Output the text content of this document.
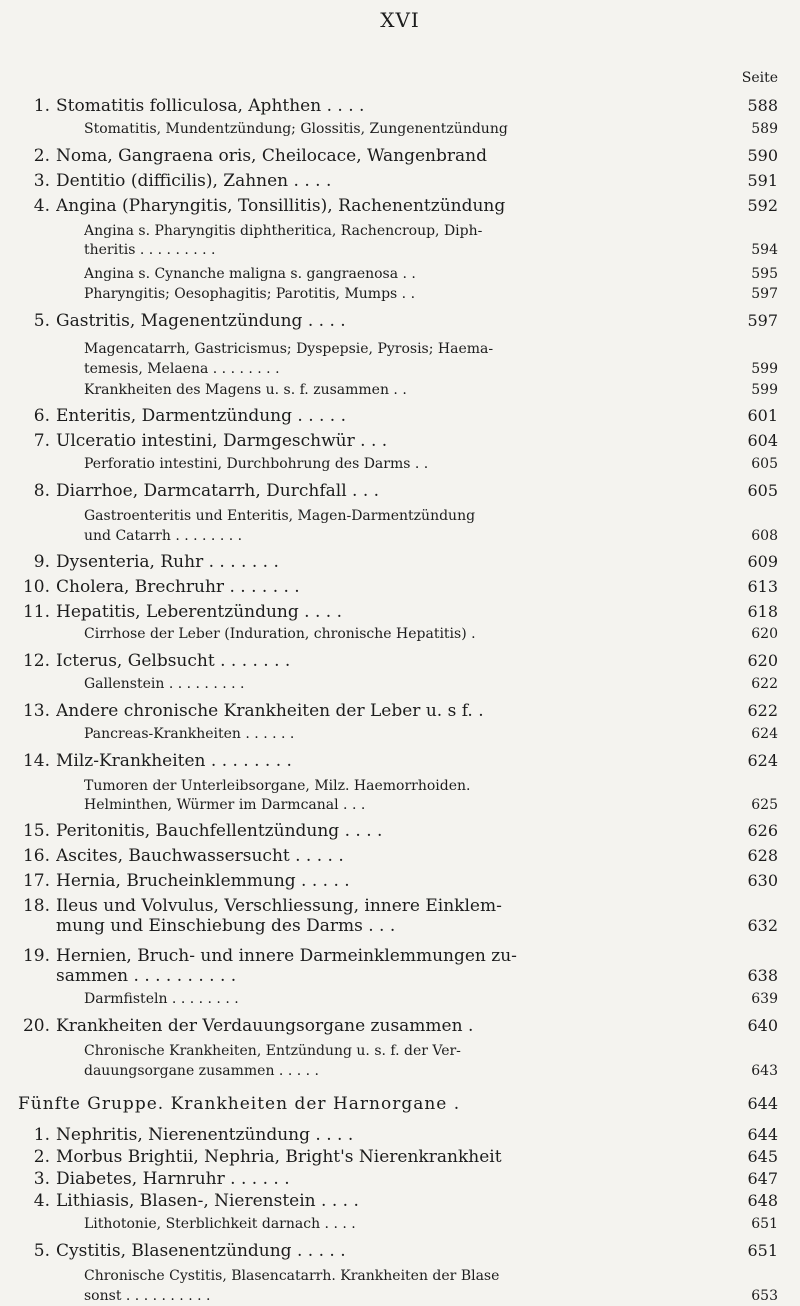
XVI
Seite
1. Stomatitis folliculosa, Aphthen . . . .	588
Stomatitis, Mundentzündung; Glossitis, Zungenentzündung	589
2. Noma, Gangraena oris, Cheilocace, Wangenbrand	590
3. Dentitio (difficilis), Zahnen . . . .	591
4. Angina (Pharyngitis, Tonsillitis), Rachenentzündung	592
Angina s. Pharyngitis diphtheritica, Rachencroup, Diph-
theritis . . . . . . . . .	594
Angina s. Cynanche maligna s. gangraenosa . .	595
Pharyngitis; Oesophagitis; Parotitis, Mumps . .	597
5. Gastritis, Magenentzündung . . . .	597
Magencatarrh, Gastricismus; Dyspepsie, Pyrosis; Haema-
temesis, Melaena . . . . . . . .	599
Krankheiten des Magens u. s. f. zusammen . .	599
6. Enteritis, Darmentzündung . . . . .	601
7. Ulceratio intestini, Darmgeschwür . . .	604
Perforatio intestini, Durchbohrung des Darms . .	605
8. Diarrhoe, Darmcatarrh, Durchfall . . .	605
Gastroenteritis und Enteritis, Magen-Darmentzündung
und Catarrh . . . . . . . .	608
9. Dysenteria, Ruhr . . . . . . .	609
10. Cholera, Brechruhr . . . . . . .	613
11. Hepatitis, Leberentzündung . . . .	618
Cirrhose der Leber (Induration, chronische Hepatitis) .	620
12. Icterus, Gelbsucht . . . . . . .	620
Gallenstein . . . . . . . . .	622
13. Andere chronische Krankheiten der Leber u. s f. .	622
Pancreas-Krankheiten . . . . . .	624
14. Milz-Krankheiten . . . . . . . .	624
Tumoren der Unterleibsorgane, Milz. Haemorrhoiden.
Helminthen, Würmer im Darmcanal . . .	625
15. Peritonitis, Bauchfellentzündung . . . .	626
16. Ascites, Bauchwassersucht . . . . .	628
17. Hernia, Brucheinklemmung . . . . .	630
18. Ileus und Volvulus, Verschliessung, innere Einklem-
mung und Einschiebung des Darms . . .	632
19. Hernien, Bruch- und innere Darmeinklemmungen zu-
sammen . . . . . . . . . .	638
Darmfisteln . . . . . . . .	639
20. Krankheiten der Verdauungsorgane zusammen .	640
Chronische Krankheiten, Entzündung u. s. f. der Ver-
dauungsorgane zusammen . . . . .	643
Fünfte Gruppe. Krankheiten der Harnorgane .	644
1. Nephritis, Nierenentzündung . . . .	644
2. Morbus Brightii, Nephria, Bright's Nierenkrankheit	645
3. Diabetes, Harnruhr . . . . . .	647
4. Lithiasis, Blasen-, Nierenstein . . . .	648
Lithotonie, Sterblichkeit darnach . . . .	651
5. Cystitis, Blasenentzündung . . . . .	651
Chronische Cystitis, Blasencatarrh. Krankheiten der Blase
sonst . . . . . . . . . .	653
